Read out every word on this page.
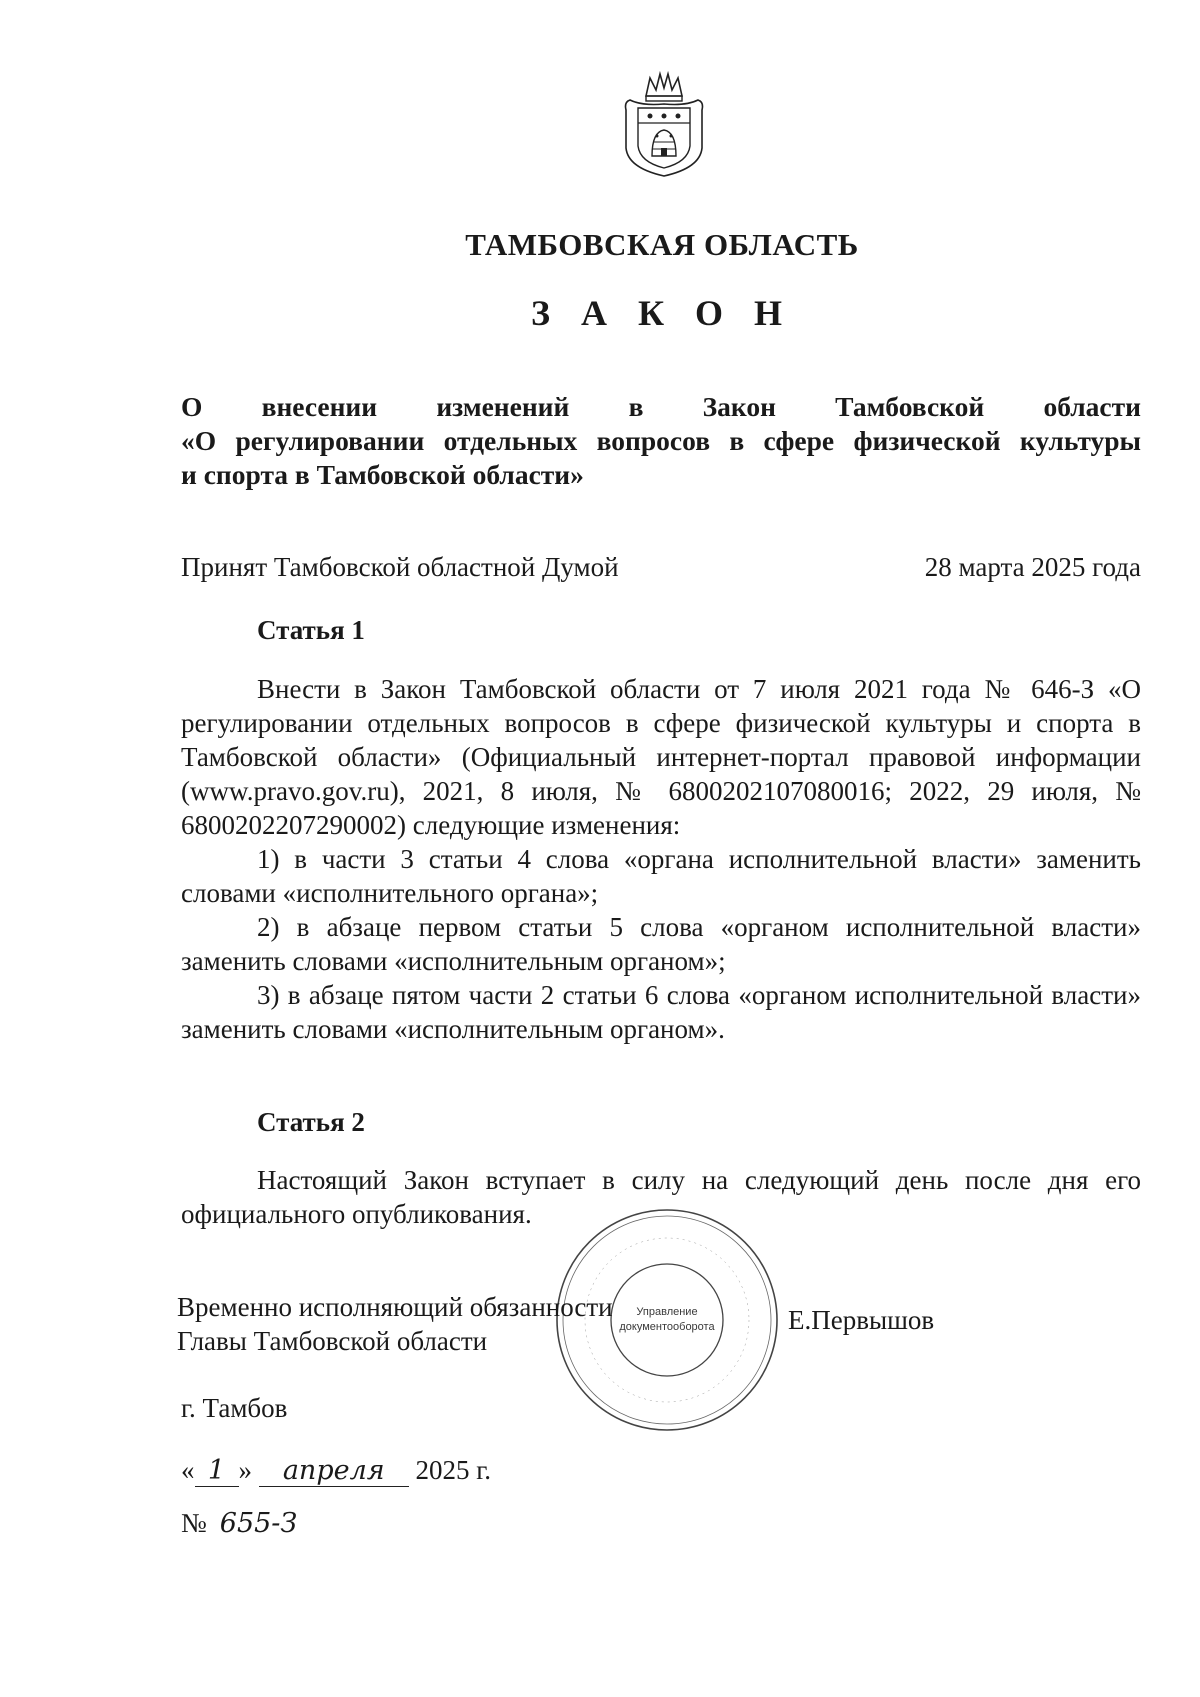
ТАМБОВСКАЯ ОБЛАСТЬ
З А К О Н
О внесении изменений в Закон Тамбовской области
«О регулировании отдельных вопросов в сфере физической культуры
и спорта в Тамбовской области»
Принят Тамбовской областной Думой	28 марта 2025 года
Статья 1

Внести в Закон Тамбовской области от 7 июля 2021 года № 646-З «О регулировании отдельных вопросов в сфере физической культуры и спорта в Тамбовской области» (Официальный интернет-портал правовой информации (www.pravo.gov.ru), 2021, 8 июля, № 6800202107080016; 2022, 29 июля, № 6800202207290002) следующие изменения:

1) в части 3 статьи 4 слова «органа исполнительной власти» заменить словами «исполнительного органа»;

2) в абзаце первом статьи 5 слова «органом исполнительной власти» заменить словами «исполнительным органом»;

3) в абзаце пятом части 2 статьи 6 слова «органом исполнительной власти» заменить словами «исполнительным органом».

Статья 2

Настоящий Закон вступает в силу на следующий день после дня его официального опубликования.

Управление
документооборота
Временно исполняющий обязанности
Главы Тамбовской области
Е.Первышов
г. Тамбов
« 1 » апреля 2025 г.
№ 655-З
